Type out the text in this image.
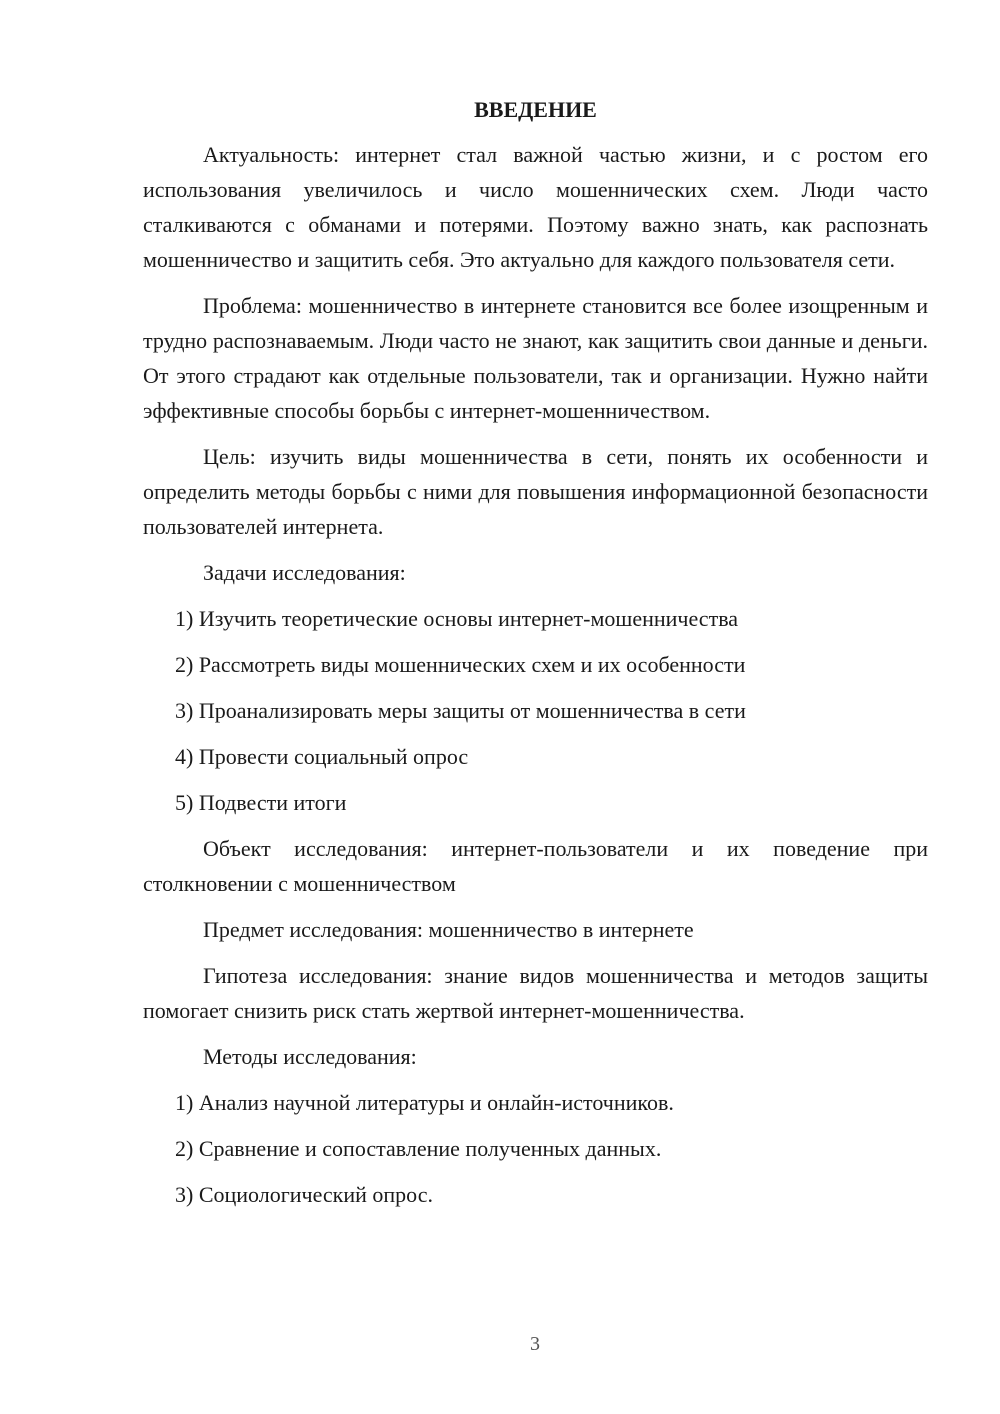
ВВЕДЕНИЕ

Актуальность: интернет стал важной частью жизни, и с ростом его использования увеличилось и число мошеннических схем. Люди часто сталкиваются с обманами и потерями. Поэтому важно знать, как распознать мошенничество и защитить себя. Это актуально для каждого пользователя сети.

Проблема: мошенничество в интернете становится все более изощренным и трудно распознаваемым. Люди часто не знают, как защитить свои данные и деньги. От этого страдают как отдельные пользователи, так и организации. Нужно найти эффективные способы борьбы с интернет-мошенничеством.

Цель: изучить виды мошенничества в сети, понять их особенности и определить методы борьбы с ними для повышения информационной безопасности пользователей интернета.

Задачи исследования:

1) Изучить теоретические основы интернет-мошенничества

2) Рассмотреть виды мошеннических схем и их особенности

3) Проанализировать меры защиты от мошенничества в сети

4) Провести социальный опрос

5) Подвести итоги

Объект исследования: интернет-пользователи и их поведение при столкновении с мошенничеством

Предмет исследования: мошенничество в интернете

Гипотеза исследования: знание видов мошенничества и методов защиты помогает снизить риск стать жертвой интернет-мошенничества.

Методы исследования:

1) Анализ научной литературы и онлайн-источников.

2) Сравнение и сопоставление полученных данных.

3) Социологический опрос.

3
